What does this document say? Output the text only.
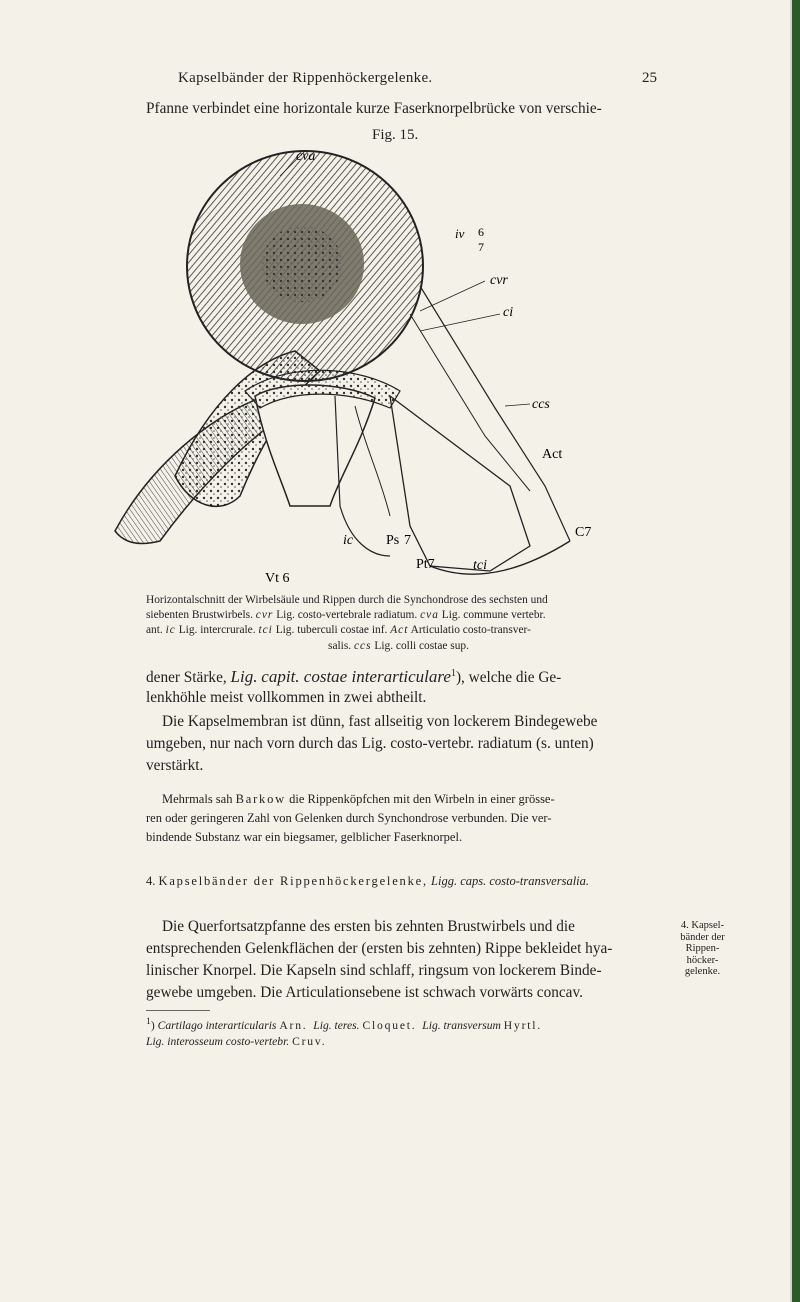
Kapselbänder der Rippenhöckergelenke.	25
Pfanne verbindet eine horizontale kurze Faserknorpelbrücke von verschie-
Fig. 15.
cva
iv 6
7
cvr
ci
ccs
Act
C7
ic Ps 7
Pt7	tci
Vt 6
Horizontalschnitt der Wirbelsäule und Rippen durch die Synchondrose des sechsten und
siebenten Brustwirbels. cvr Lig. costo-vertebrale radiatum. cva Lig. commune vertebr.
ant. ic Lig. intercrurale. tci Lig. tuberculi costae inf. Act Articulatio costo-transver-
salis. ccs Lig. colli costae sup.
dener Stärke, Lig. capit. costae interarticulare$^1$), welche die Ge-
lenkhöhle meist vollkommen in zwei abtheilt.
Die Kapselmembran ist dünn, fast allseitig von lockerem Bindegewebe
umgeben, nur nach vorn durch das Lig. costo-vertebr. radiatum (s. unten)
verstärkt.
Mehrmals sah Barkow die Rippenköpfchen mit den Wirbeln in einer grösse-
ren oder geringeren Zahl von Gelenken durch Synchondrose verbunden. Die ver-
bindende Substanz war ein biegsamer, gelblicher Faserknorpel.
4. Kapselbänder der Rippenhöckergelenke, Ligg. caps. costo-transversalia.
Die Querfortsatzpfanne des ersten bis zehnten Brustwirbels und die
entsprechenden Gelenkflächen der (ersten bis zehnten) Rippe bekleidet hya-
linischer Knorpel. Die Kapseln sind schlaff, ringsum von lockerem Binde-
gewebe umgeben. Die Articulationsebene ist schwach vorwärts concav.
4. Kapsel-
bänder der
Rippen-
höcker-
gelenke.
$^1$) Cartilago interarticularis Arn. Lig. teres. Cloquet. Lig. transversum Hyrtl.
Lig. interosseum costo-vertebr. Cruv.
